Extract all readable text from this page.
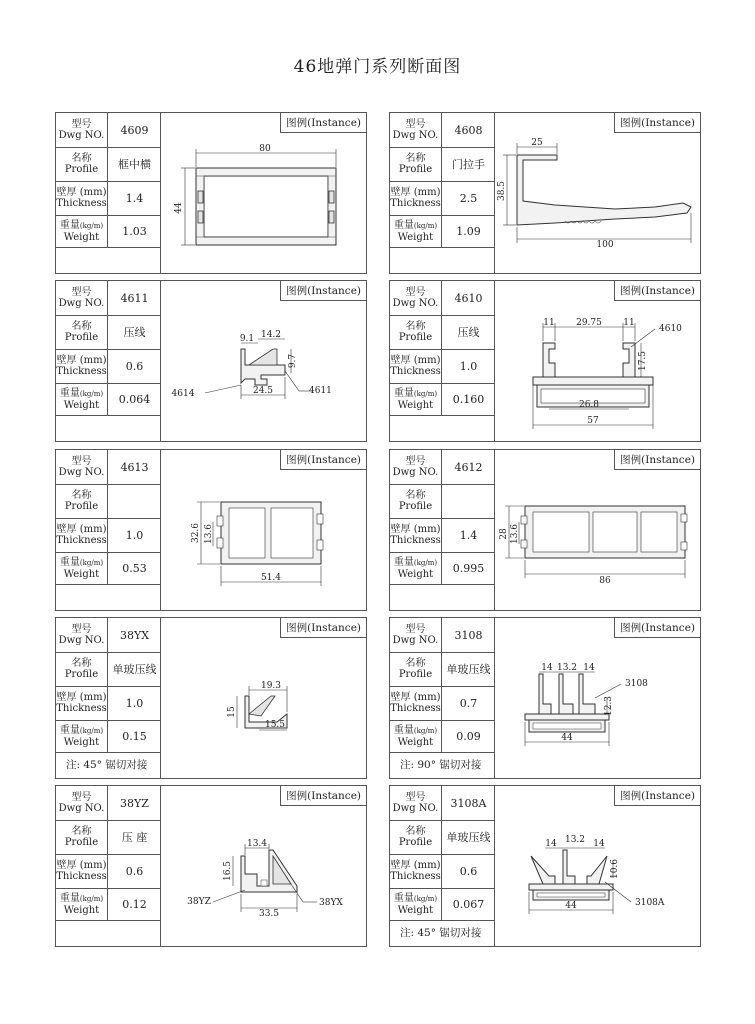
46地弹门系列断面图
型号
Dwg NO.	4609
名称
Profile	框中横
壁厚 (mm)
Thickness	1.4
重量(kg/m)
Weight	1.03
图例(Instance)
80
44
型号
Dwg NO.	4608
名称
Profile	门拉手
壁厚 (mm)
Thickness	2.5
重量(kg/m)
Weight	1.09
图例(Instance)
25
38.5
100
型号
Dwg NO.	4611
名称
Profile	压线
壁厚 (mm)
Thickness	0.6
重量(kg/m)
Weight	0.064
图例(Instance)
9.1 14.2
9.7
24.5
4614	4611
型号
Dwg NO.	4610
名称
Profile	压线
壁厚 (mm)
Thickness	1.0
重量(kg/m)
Weight	0.160
图例(Instance)
11 29.75 11
4610
17.5
26.8
57
型号
Dwg NO.	4613
名称
Profile
壁厚 (mm)
Thickness	1.0
重量(kg/m)
Weight	0.53
图例(Instance)
32.6 13.6
51.4
型号
Dwg NO.	4612
名称
Profile
壁厚 (mm)
Thickness	1.4
重量(kg/m)
Weight	0.995
图例(Instance)
28 13.6
86
型号
Dwg NO.	38YX
名称
Profile	单玻压线
壁厚 (mm)
Thickness	1.0
重量(kg/m)
Weight	0.15
注: 45° 锯切对接
图例(Instance)
19.3
15
15.5
型号
Dwg NO.	3108
名称
Profile	单玻压线
壁厚 (mm)
Thickness	0.7
重量(kg/m)
Weight	0.09
注: 90° 锯切对接
图例(Instance)
14 13.2 14
3108
12.3
44
型号
Dwg NO.	38YZ
名称
Profile	压 座
壁厚 (mm)
Thickness	0.6
重量(kg/m)
Weight	0.12
图例(Instance)
13.4
16.5
38YZ
33.5
38YX
型号
Dwg NO.	3108A
名称
Profile	单玻压线
壁厚 (mm)
Thickness	0.6
重量(kg/m)
Weight	0.067
注: 45° 锯切对接
图例(Instance)
14 13.2 14
10.6
44	3108A
